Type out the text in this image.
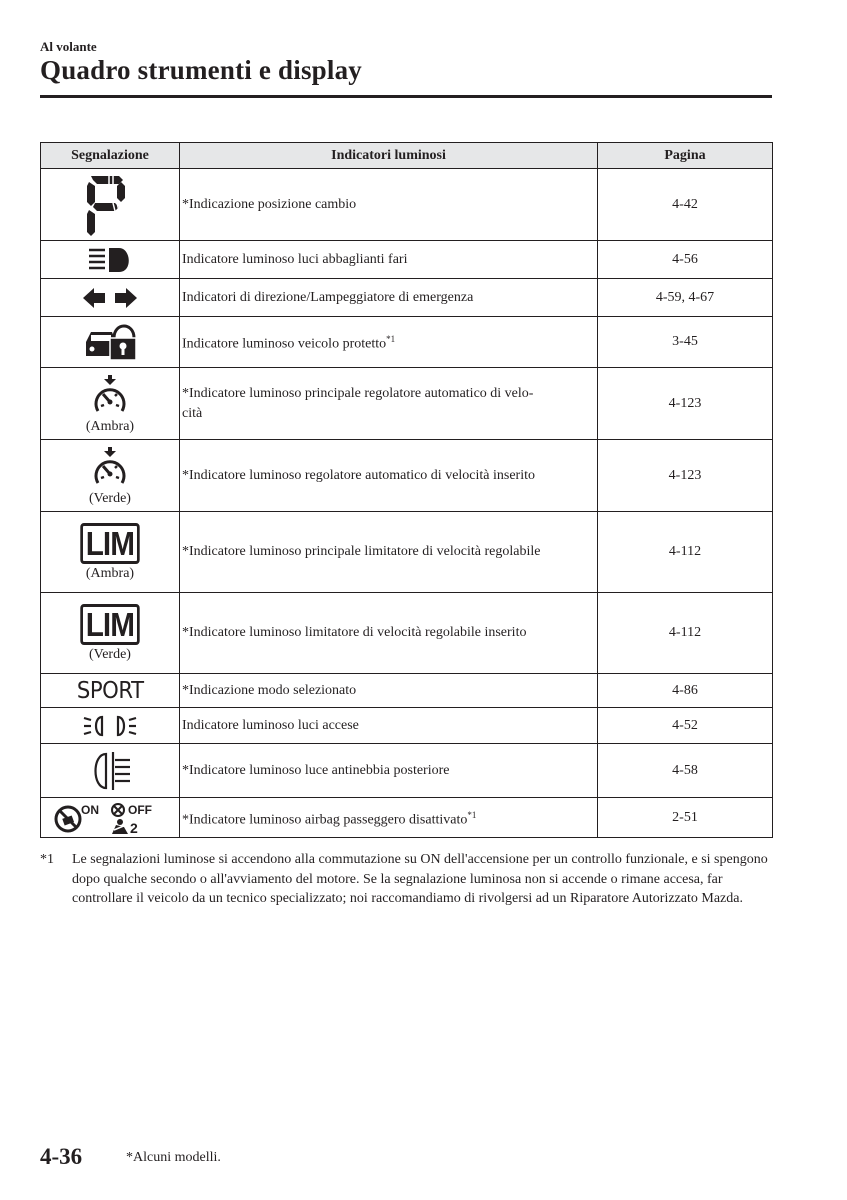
Al volante
Quadro strumenti e display
Segnalazione	Indicatori luminosi	Pagina

	*Indicazione posizione cambio	4-42

	Indicatore luminoso luci abbaglianti fari	4-56

	Indicatori di direzione/Lampeggiatore di emergenza	4-59, 4-67

	Indicatore luminoso veicolo protetto$^{*1}$	3-45

(Ambra)	*Indicatore luminoso principale regolatore automatico di velo-
cità	4-123

(Verde)	*Indicatore luminoso regolatore automatico di velocità inserito	4-123

LIM
(Ambra)	*Indicatore luminoso principale limitatore di velocità regolabile	4-112

LIM
(Verde)	*Indicatore luminoso limitatore di velocità regolabile inserito	4-112

SPORT	*Indicazione modo selezionato	4-86

	Indicatore luminoso luci accese	4-52

	*Indicatore luminoso luce antinebbia posteriore	4-58

ON OFF
2	*Indicatore luminoso airbag passeggero disattivato$^{*1}$	2-51
*1	Le segnalazioni luminose si accendono alla commutazione su ON dell'accensione per un controllo funzionale, e si spengono dopo qualche secondo o all'avviamento del motore. Se la segnalazione luminosa non si accende o rimane accesa, far controllare il veicolo da un tecnico specializzato; noi raccomandiamo di rivolgersi ad un Riparatore Autorizzato Mazda.
4-36	*Alcuni modelli.
